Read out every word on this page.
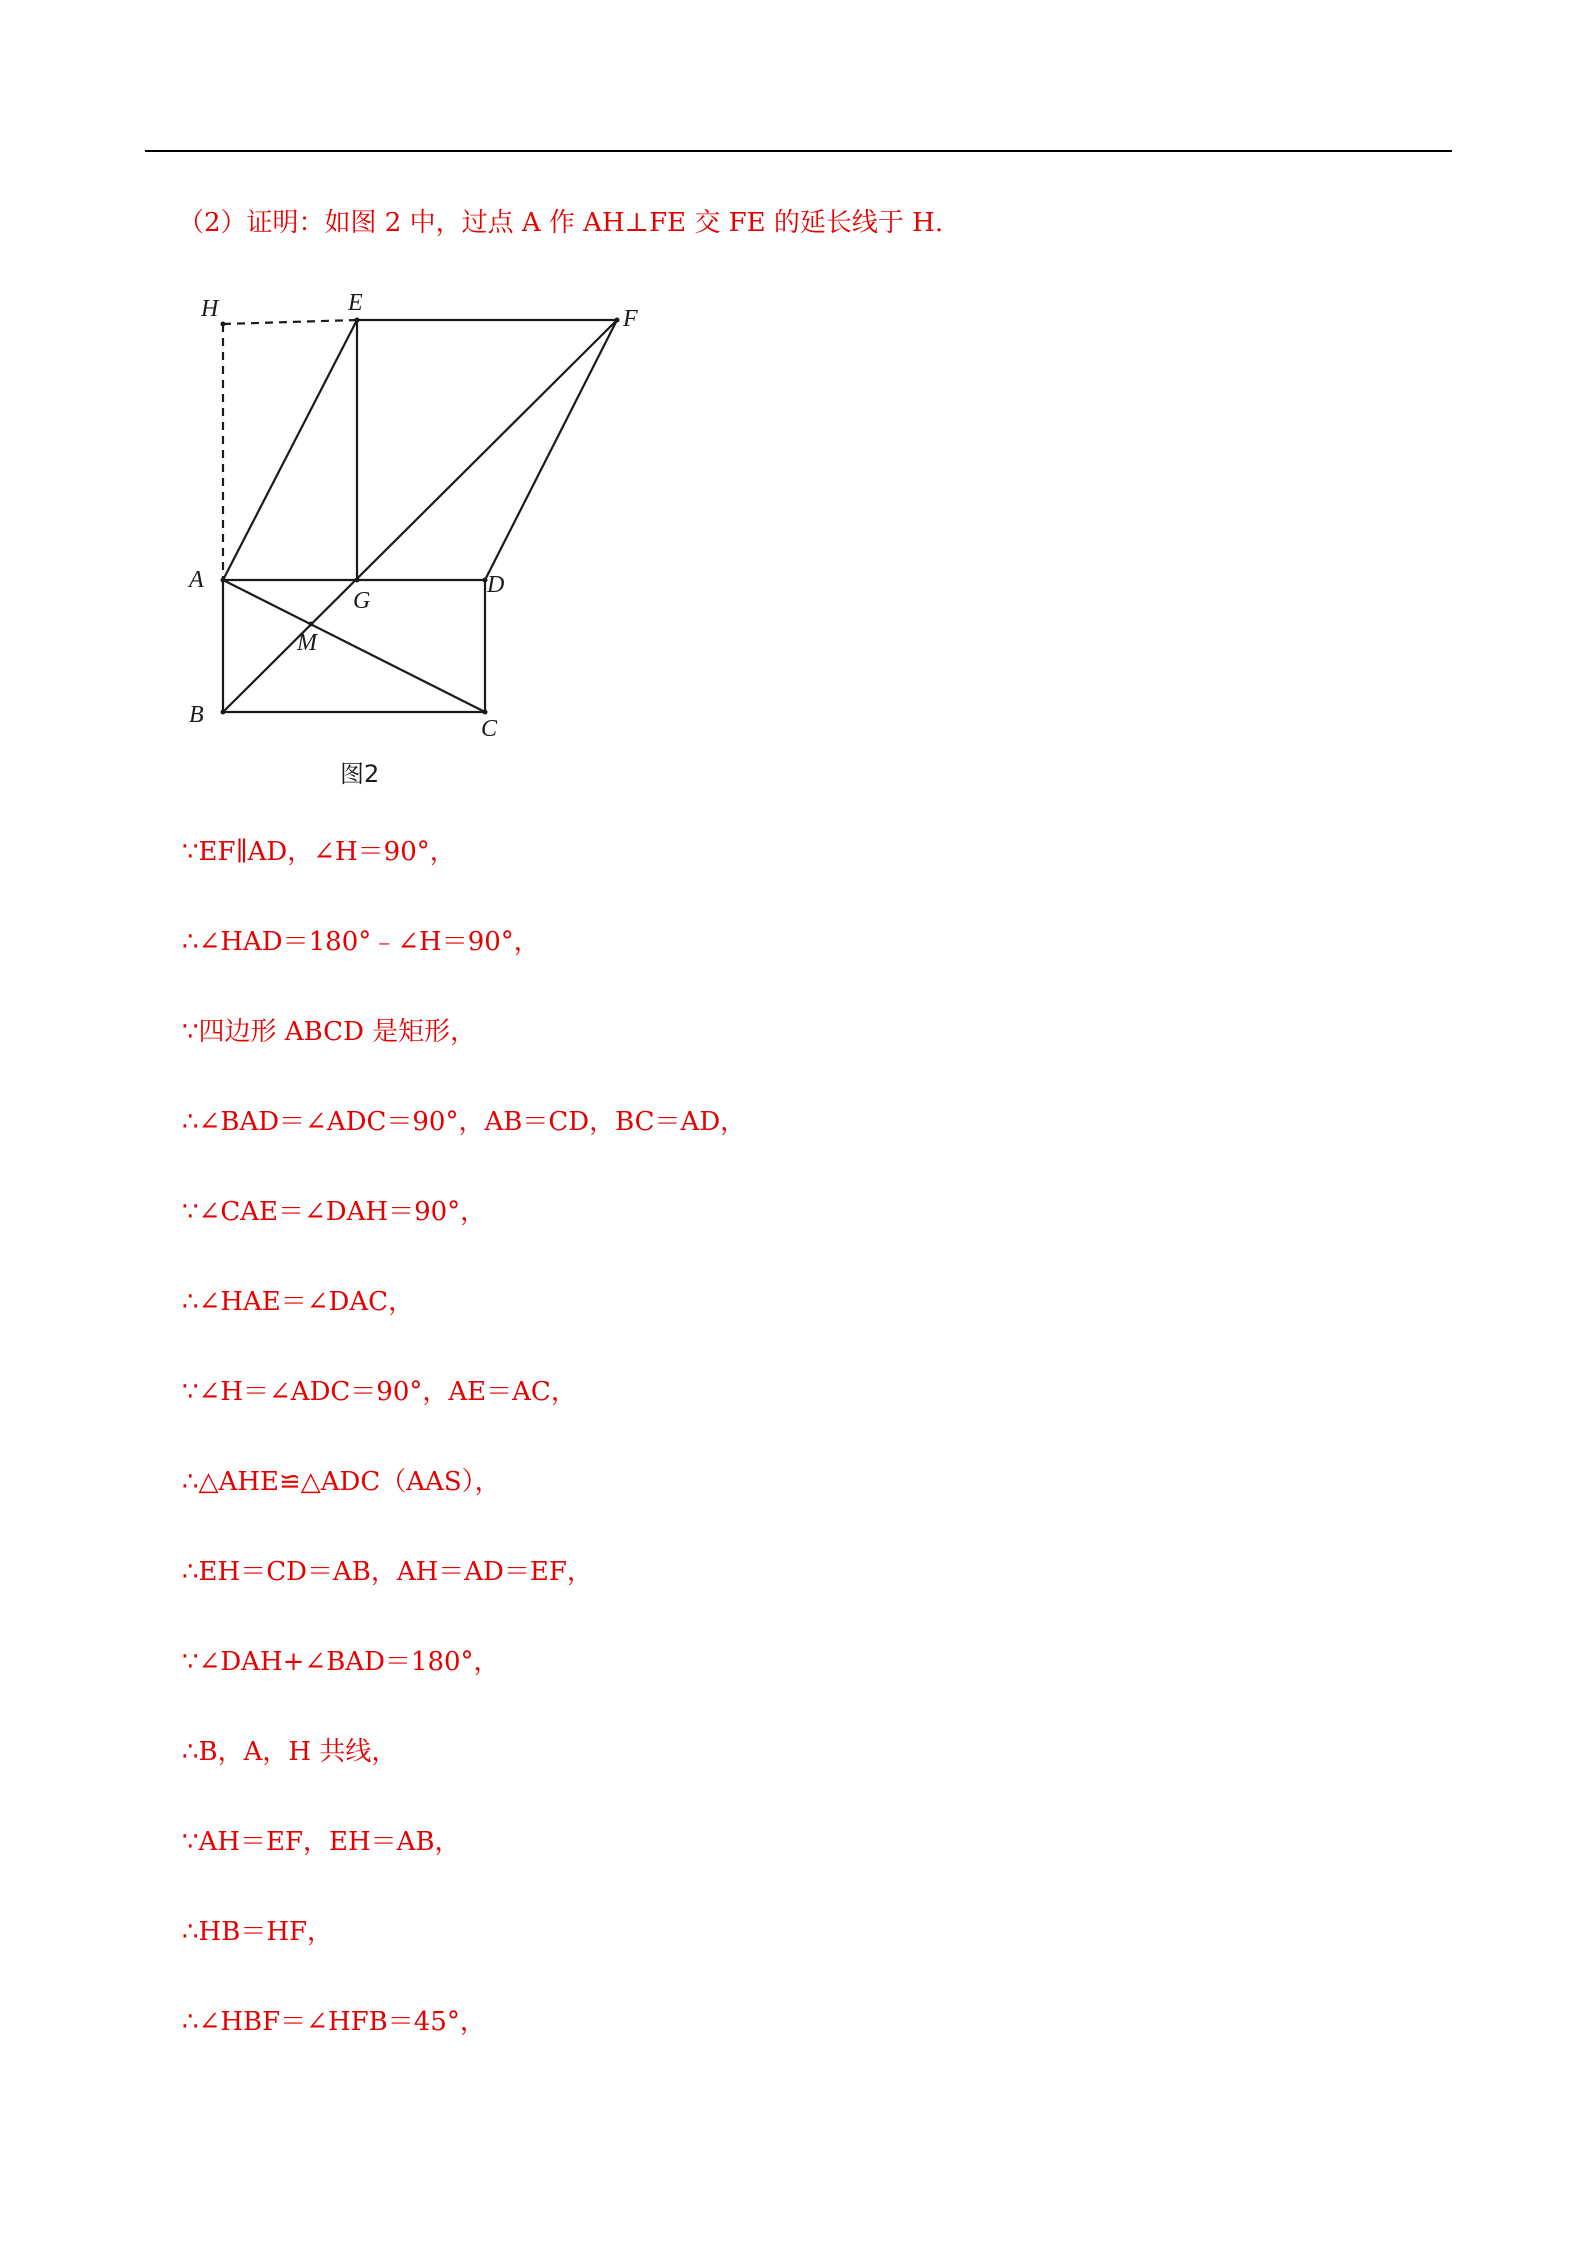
（2）证明：如图 2 中，过点 A 作 AH⊥FE 交 FE 的延长线于 H.
H	E
F
A
G
D
M
B
C
图2
∵EF∥AD，∠H＝90°，
∴∠HAD＝180°﹣∠H＝90°，
∵四边形 ABCD 是矩形，
∴∠BAD＝∠ADC＝90°，AB＝CD，BC＝AD，
∵∠CAE＝∠DAH＝90°，
∴∠HAE＝∠DAC，
∵∠H＝∠ADC＝90°，AE＝AC，
∴△AHE≌△ADC（AAS），
∴EH＝CD＝AB，AH＝AD＝EF，
∵∠DAH+∠BAD＝180°，
∴B，A，H 共线，
∵AH＝EF，EH＝AB，
∴HB＝HF，
∴∠HBF＝∠HFB＝45°，
